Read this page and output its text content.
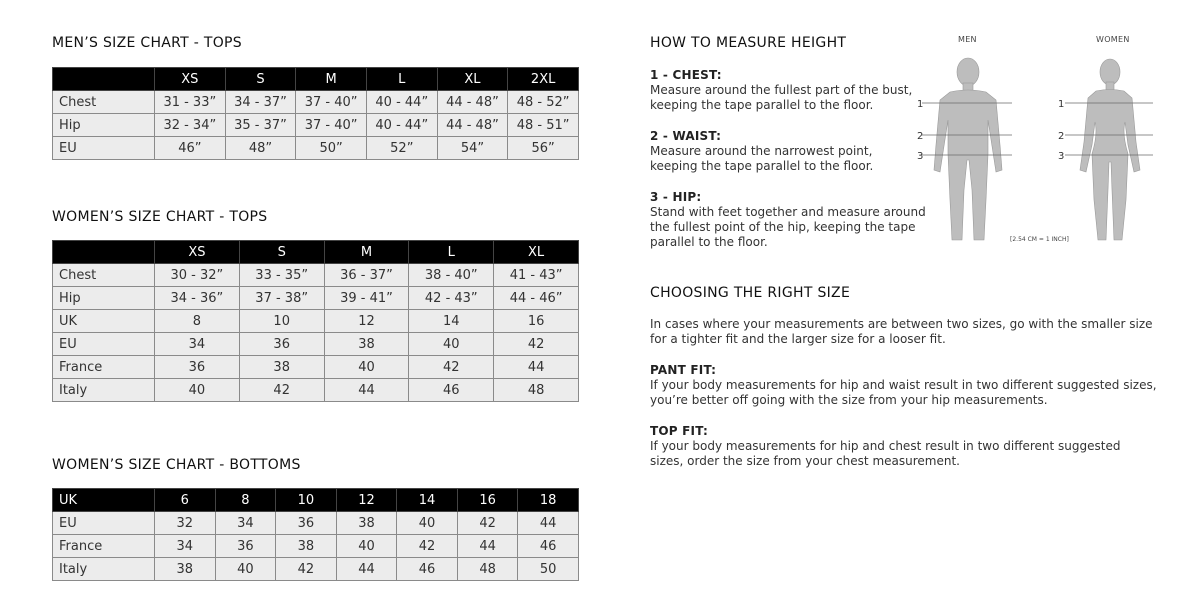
MEN’S SIZE CHART - TOPS
	XS	S	M	L	XL	2XL
Chest	31 - 33”	34 - 37”	37 - 40”	40 - 44”	44 - 48”	48 - 52”
Hip	32 - 34”	35 - 37”	37 - 40”	40 - 44”	44 - 48”	48 - 51”
EU	46”	48”	50”	52”	54”	56”
WOMEN’S SIZE CHART - TOPS
	XS	S	M	L	XL
Chest	30 - 32”	33 - 35”	36 - 37”	38 - 40”	41 - 43”
Hip	34 - 36”	37 - 38”	39 - 41”	42 - 43”	44 - 46”
UK	8	10	12	14	16
EU	34	36	38	40	42
France	36	38	40	42	44
Italy	40	42	44	46	48
WOMEN’S SIZE CHART - BOTTOMS
UK	6	8	10	12	14	16	18
EU	32	34	36	38	40	42	44
France	34	36	38	40	42	44	46
Italy	38	40	42	44	46	48	50
HOW TO MEASURE HEIGHT
1 - CHEST:
Measure around the fullest part of the bust,
keeping the tape parallel to the floor.
2 - WAIST:
Measure around the narrowest point,
keeping the tape parallel to the floor.
3 - HIP:
Stand with feet together and measure around
the fullest point of the hip, keeping the tape
parallel to the floor.
MEN	WOMEN
1
2
3
1
2
3
[2.54 CM = 1 INCH]
CHOOSING THE RIGHT SIZE
In cases where your measurements are between two sizes, go with the smaller size
for a tighter fit and the larger size for a looser fit.
PANT FIT:
If your body measurements for hip and waist result in two different suggested sizes,
you’re better off going with the size from your hip measurements.
TOP FIT:
If your body measurements for hip and chest result in two different suggested
sizes, order the size from your chest measurement.
